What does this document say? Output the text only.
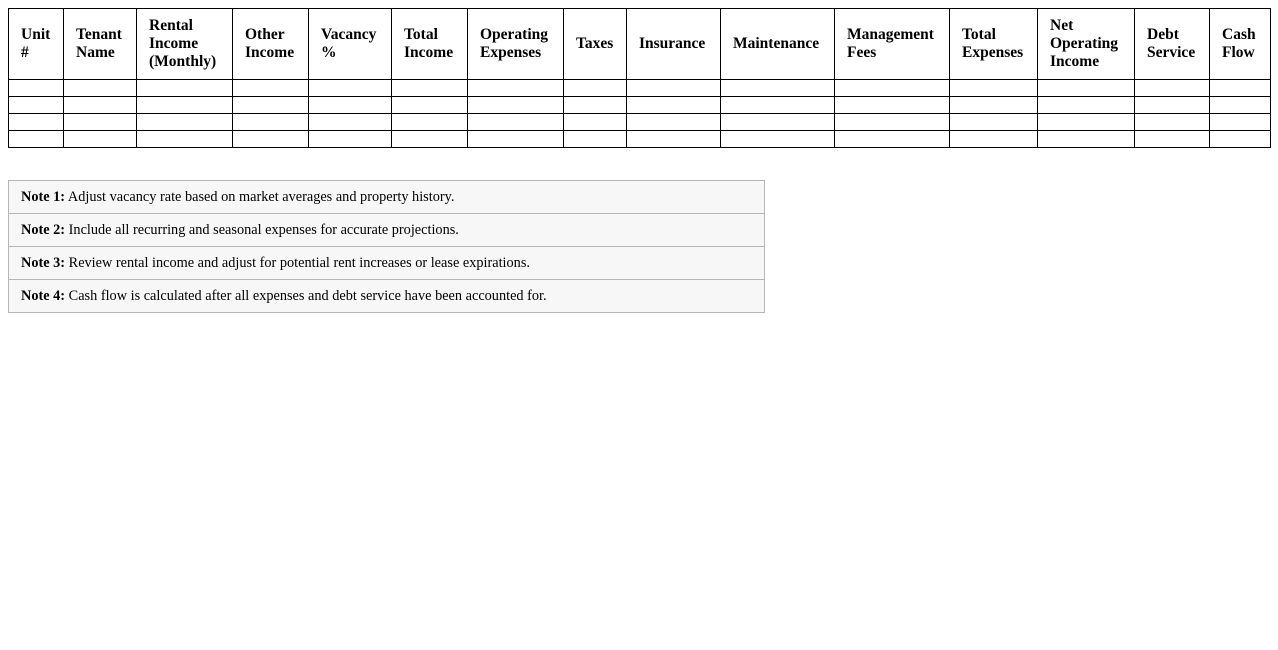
Unit #	Tenant Name	Rental Income (Monthly)	Other Income	Vacancy %	Total Income	Operating Expenses	Taxes	Insurance	Maintenance	Management Fees	Total Expenses	Net Operating Income	Debt Service	Cash Flow

Note 1: Adjust vacancy rate based on market averages and property history.
Note 2: Include all recurring and seasonal expenses for accurate projections.
Note 3: Review rental income and adjust for potential rent increases or lease expirations.
Note 4: Cash flow is calculated after all expenses and debt service have been accounted for.
